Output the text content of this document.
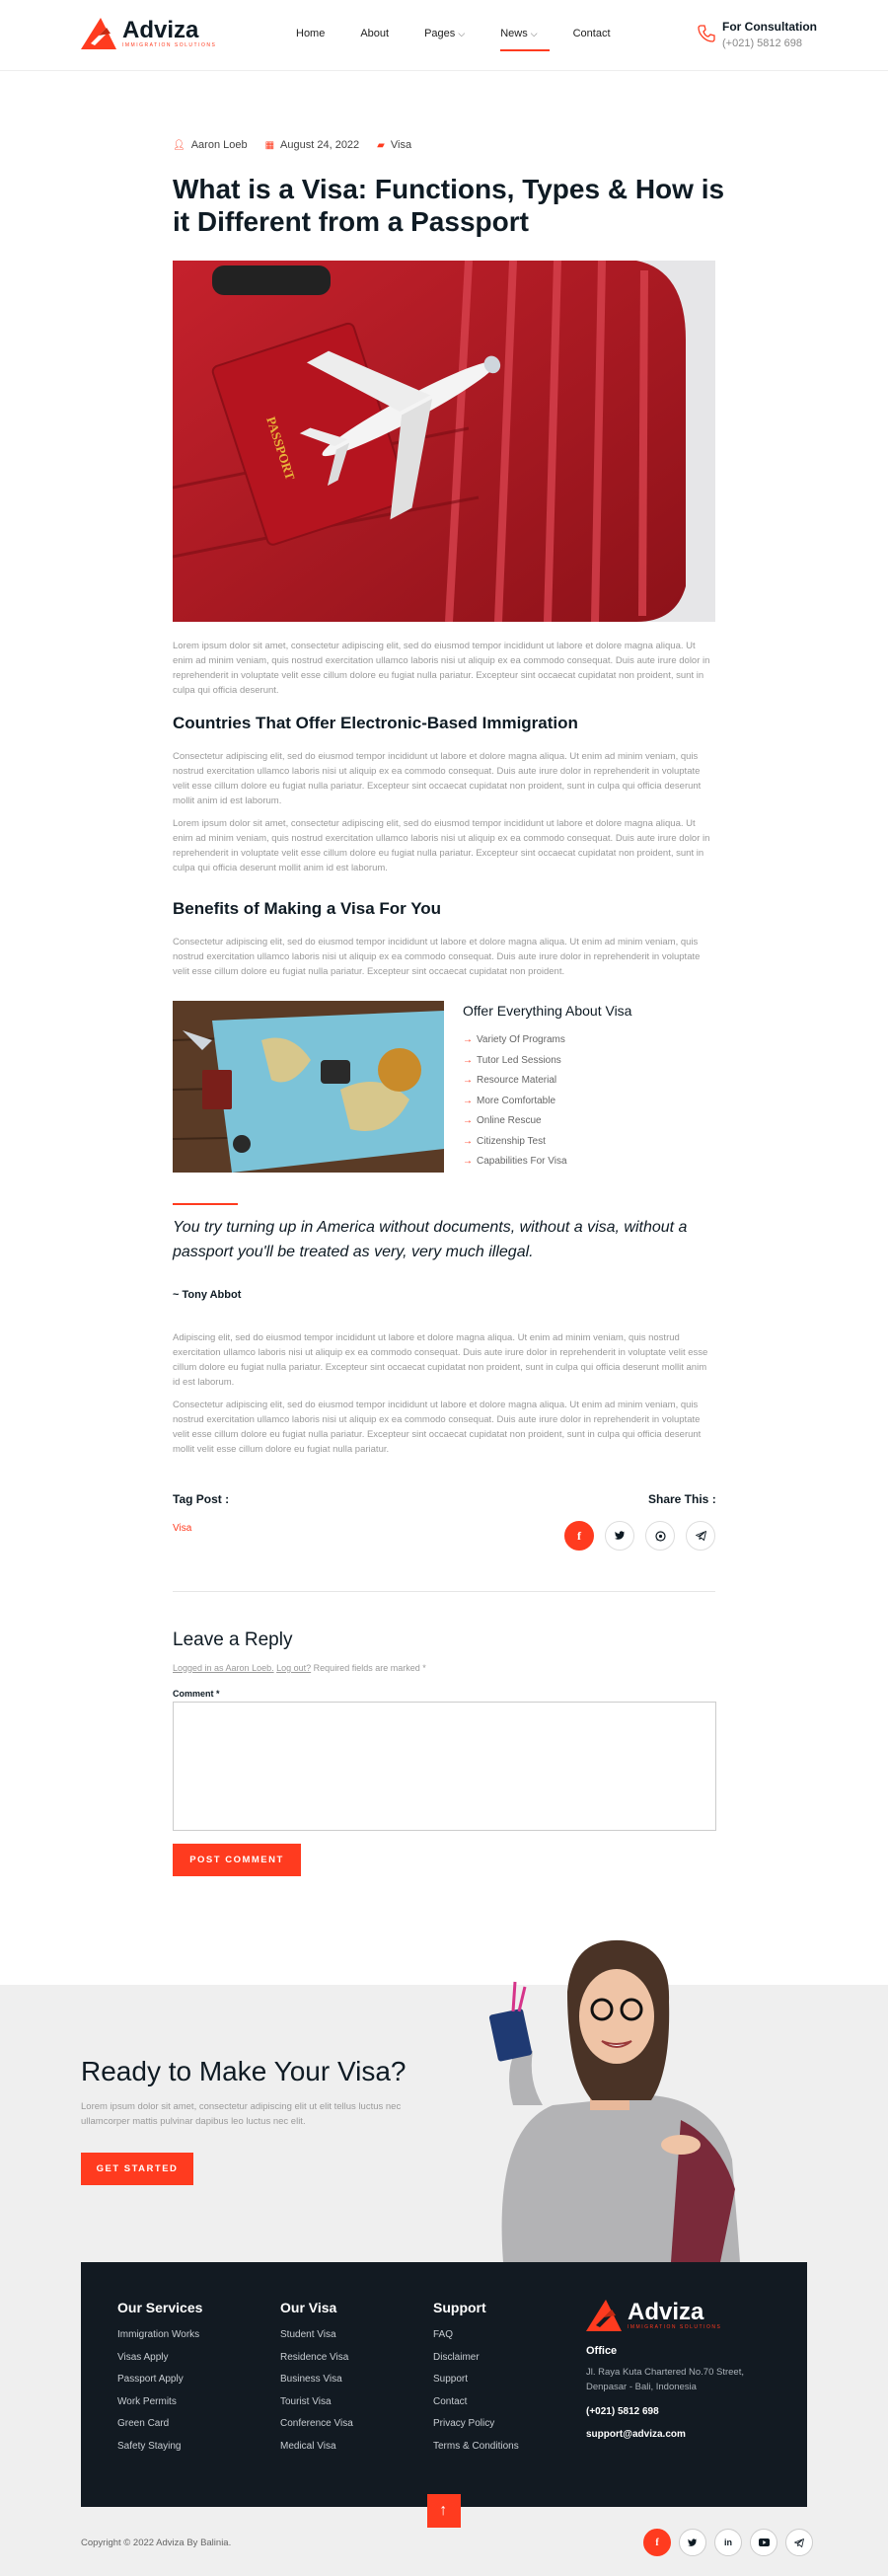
Adviza
IMMIGRATION SOLUTIONS
Home	About	Pages ⌵	News ⌵	Contact	For Consultation
(+021) 5812 698
👤︎ Aaron Loeb ▦ August 24, 2022 ▰ Visa
What is a Visa: Functions, Types & How is it Different from a Passport
PASSPORT

Lorem ipsum dolor sit amet, consectetur adipiscing elit, sed do eiusmod tempor incididunt ut labore et dolore magna aliqua. Ut enim ad minim veniam, quis nostrud exercitation ullamco laboris nisi ut aliquip ex ea commodo consequat. Duis aute irure dolor in reprehenderit in voluptate velit esse cillum dolore eu fugiat nulla pariatur. Excepteur sint occaecat cupidatat non proident, sunt in culpa qui officia deserunt.

Countries That Offer Electronic-Based Immigration

Consectetur adipiscing elit, sed do eiusmod tempor incididunt ut labore et dolore magna aliqua. Ut enim ad minim veniam, quis nostrud exercitation ullamco laboris nisi ut aliquip ex ea commodo consequat. Duis aute irure dolor in reprehenderit in voluptate velit esse cillum dolore eu fugiat nulla pariatur. Excepteur sint occaecat cupidatat non proident, sunt in culpa qui officia deserunt mollit anim id est laborum.

Lorem ipsum dolor sit amet, consectetur adipiscing elit, sed do eiusmod tempor incididunt ut labore et dolore magna aliqua. Ut enim ad minim veniam, quis nostrud exercitation ullamco laboris nisi ut aliquip ex ea commodo consequat. Duis aute irure dolor in reprehenderit in voluptate velit esse cillum dolore eu fugiat nulla pariatur. Excepteur sint occaecat cupidatat non proident, sunt in culpa qui officia deserunt mollit anim id est laborum.

Benefits of Making a Visa For You

Consectetur adipiscing elit, sed do eiusmod tempor incididunt ut labore et dolore magna aliqua. Ut enim ad minim veniam, quis nostrud exercitation ullamco laboris nisi ut aliquip ex ea commodo consequat. Duis aute irure dolor in reprehenderit in voluptate velit esse cillum dolore eu fugiat nulla pariatur. Excepteur sint occaecat cupidatat non proident.

Offer Everything About Visa
→ Variety Of Programs
→ Tutor Led Sessions
→ Resource Material
→ More Comfortable
→ Online Rescue
→ Citizenship Test
→ Capabilities For Visa
You try turning up in America without documents, without a visa, without a passport you'll be treated as very, very much illegal.
~ Tony Abbot

Adipiscing elit, sed do eiusmod tempor incididunt ut labore et dolore magna aliqua. Ut enim ad minim veniam, quis nostrud exercitation ullamco laboris nisi ut aliquip ex ea commodo consequat. Duis aute irure dolor in reprehenderit in voluptate velit esse cillum dolore eu fugiat nulla pariatur. Excepteur sint occaecat cupidatat non proident, sunt in culpa qui officia deserunt mollit anim id est laborum.

Consectetur adipiscing elit, sed do eiusmod tempor incididunt ut labore et dolore magna aliqua. Ut enim ad minim veniam, quis nostrud exercitation ullamco laboris nisi ut aliquip ex ea commodo consequat. Duis aute irure dolor in reprehenderit in voluptate velit esse cillum dolore eu fugiat nulla pariatur. Excepteur sint occaecat cupidatat non proident, sunt in culpa qui officia deserunt mollit velit esse cillum dolore eu fugiat nulla pariatur.

Tag Post :
Visa
Share This :
f
Leave a Reply
Logged in as Aaron Loeb. Log out? Required fields are marked *
Comment *
POST COMMENT
Ready to Make Your Visa?

Lorem ipsum dolor sit amet, consectetur adipiscing elit ut elit tellus luctus nec ullamcorper mattis pulvinar dapibus leo luctus nec elit.

GET STARTED
Our Services
Immigration Works
Visas Apply
Passport Apply
Work Permits
Green Card
Safety Staying
Our Visa
Student Visa
Residence Visa
Business Visa
Tourist Visa
Conference Visa
Medical Visa
Support
FAQ
Disclaimer
Support
Contact
Privacy Policy
Terms & Conditions
Adviza
IMMIGRATION SOLUTIONS
Office
Jl. Raya Kuta Chartered No.70 Street, Denpasar - Bali, Indonesia
(+021) 5812 698
support@adviza.com
↑
Copyright © 2022 Adviza By Balinia.	f	in
